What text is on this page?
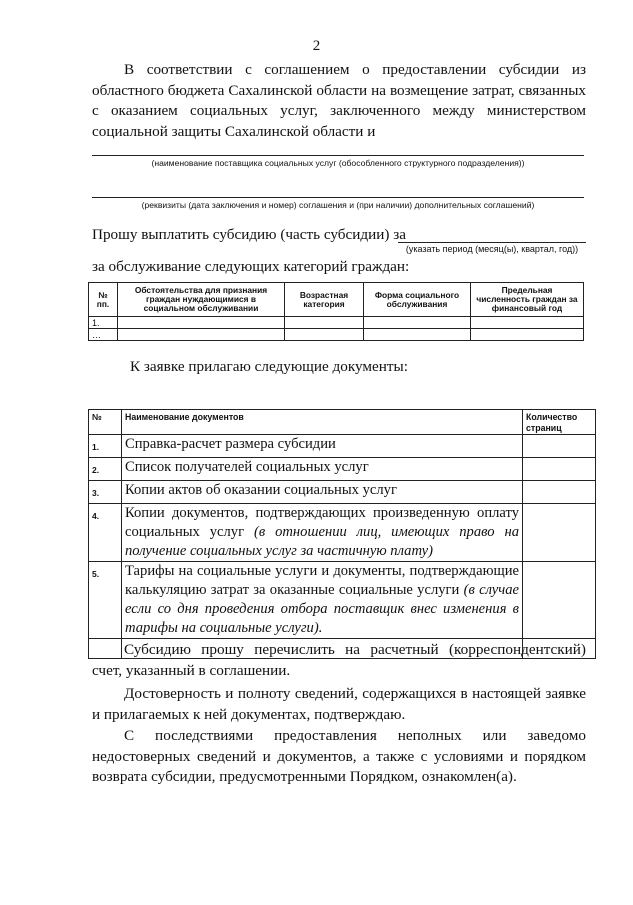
2
В соответствии с соглашением о предоставлении субсидии из областного бюджета Сахалинской области на возмещение затрат, связанных с оказанием социальных услуг, заключенного между министерством социальной защиты Сахалинской области и
(наименование поставщика социальных услуг (обособленного структурного подразделения))
(реквизиты (дата заключения и номер) соглашения и (при наличии) дополнительных соглашений)
Прошу выплатить субсидию (часть субсидии) за
(указать период (месяц(ы), квартал, год))
за обслуживание следующих категорий граждан:
№ пп.	Обстоятельства для признания граждан нуждающимися в социальном обслуживании	Возрастная категория	Форма социального обслуживания	Предельная численность граждан за финансовый год
1.				
…				
К заявке прилагаю следующие документы:
№	Наименование документов	Количество страниц
1.	Справка-расчет размера субсидии	
2.	Список получателей социальных услуг	
3.	Копии актов об оказании социальных услуг	
4.	Копии документов, подтверждающих произведенную оплату социальных услуг (в отношении лиц, имеющих право на получение социальных услуг за частичную плату)	
5.	Тарифы на социальные услуги и документы, подтверждающие калькуляцию затрат за оказанные социальные услуги (в случае если со дня проведения отбора поставщик внес изменения в тарифы на социальные услуги).	

Субсидию прошу перечислить на расчетный (корреспондентский) счет, указанный в соглашении.
Достоверность и полноту сведений, содержащихся в настоящей заявке и прилагаемых к ней документах, подтверждаю.
С последствиями предоставления неполных или заведомо недостоверных сведений и документов, а также с условиями и порядком возврата субсидии, предусмотренными Порядком, ознакомлен(а).
